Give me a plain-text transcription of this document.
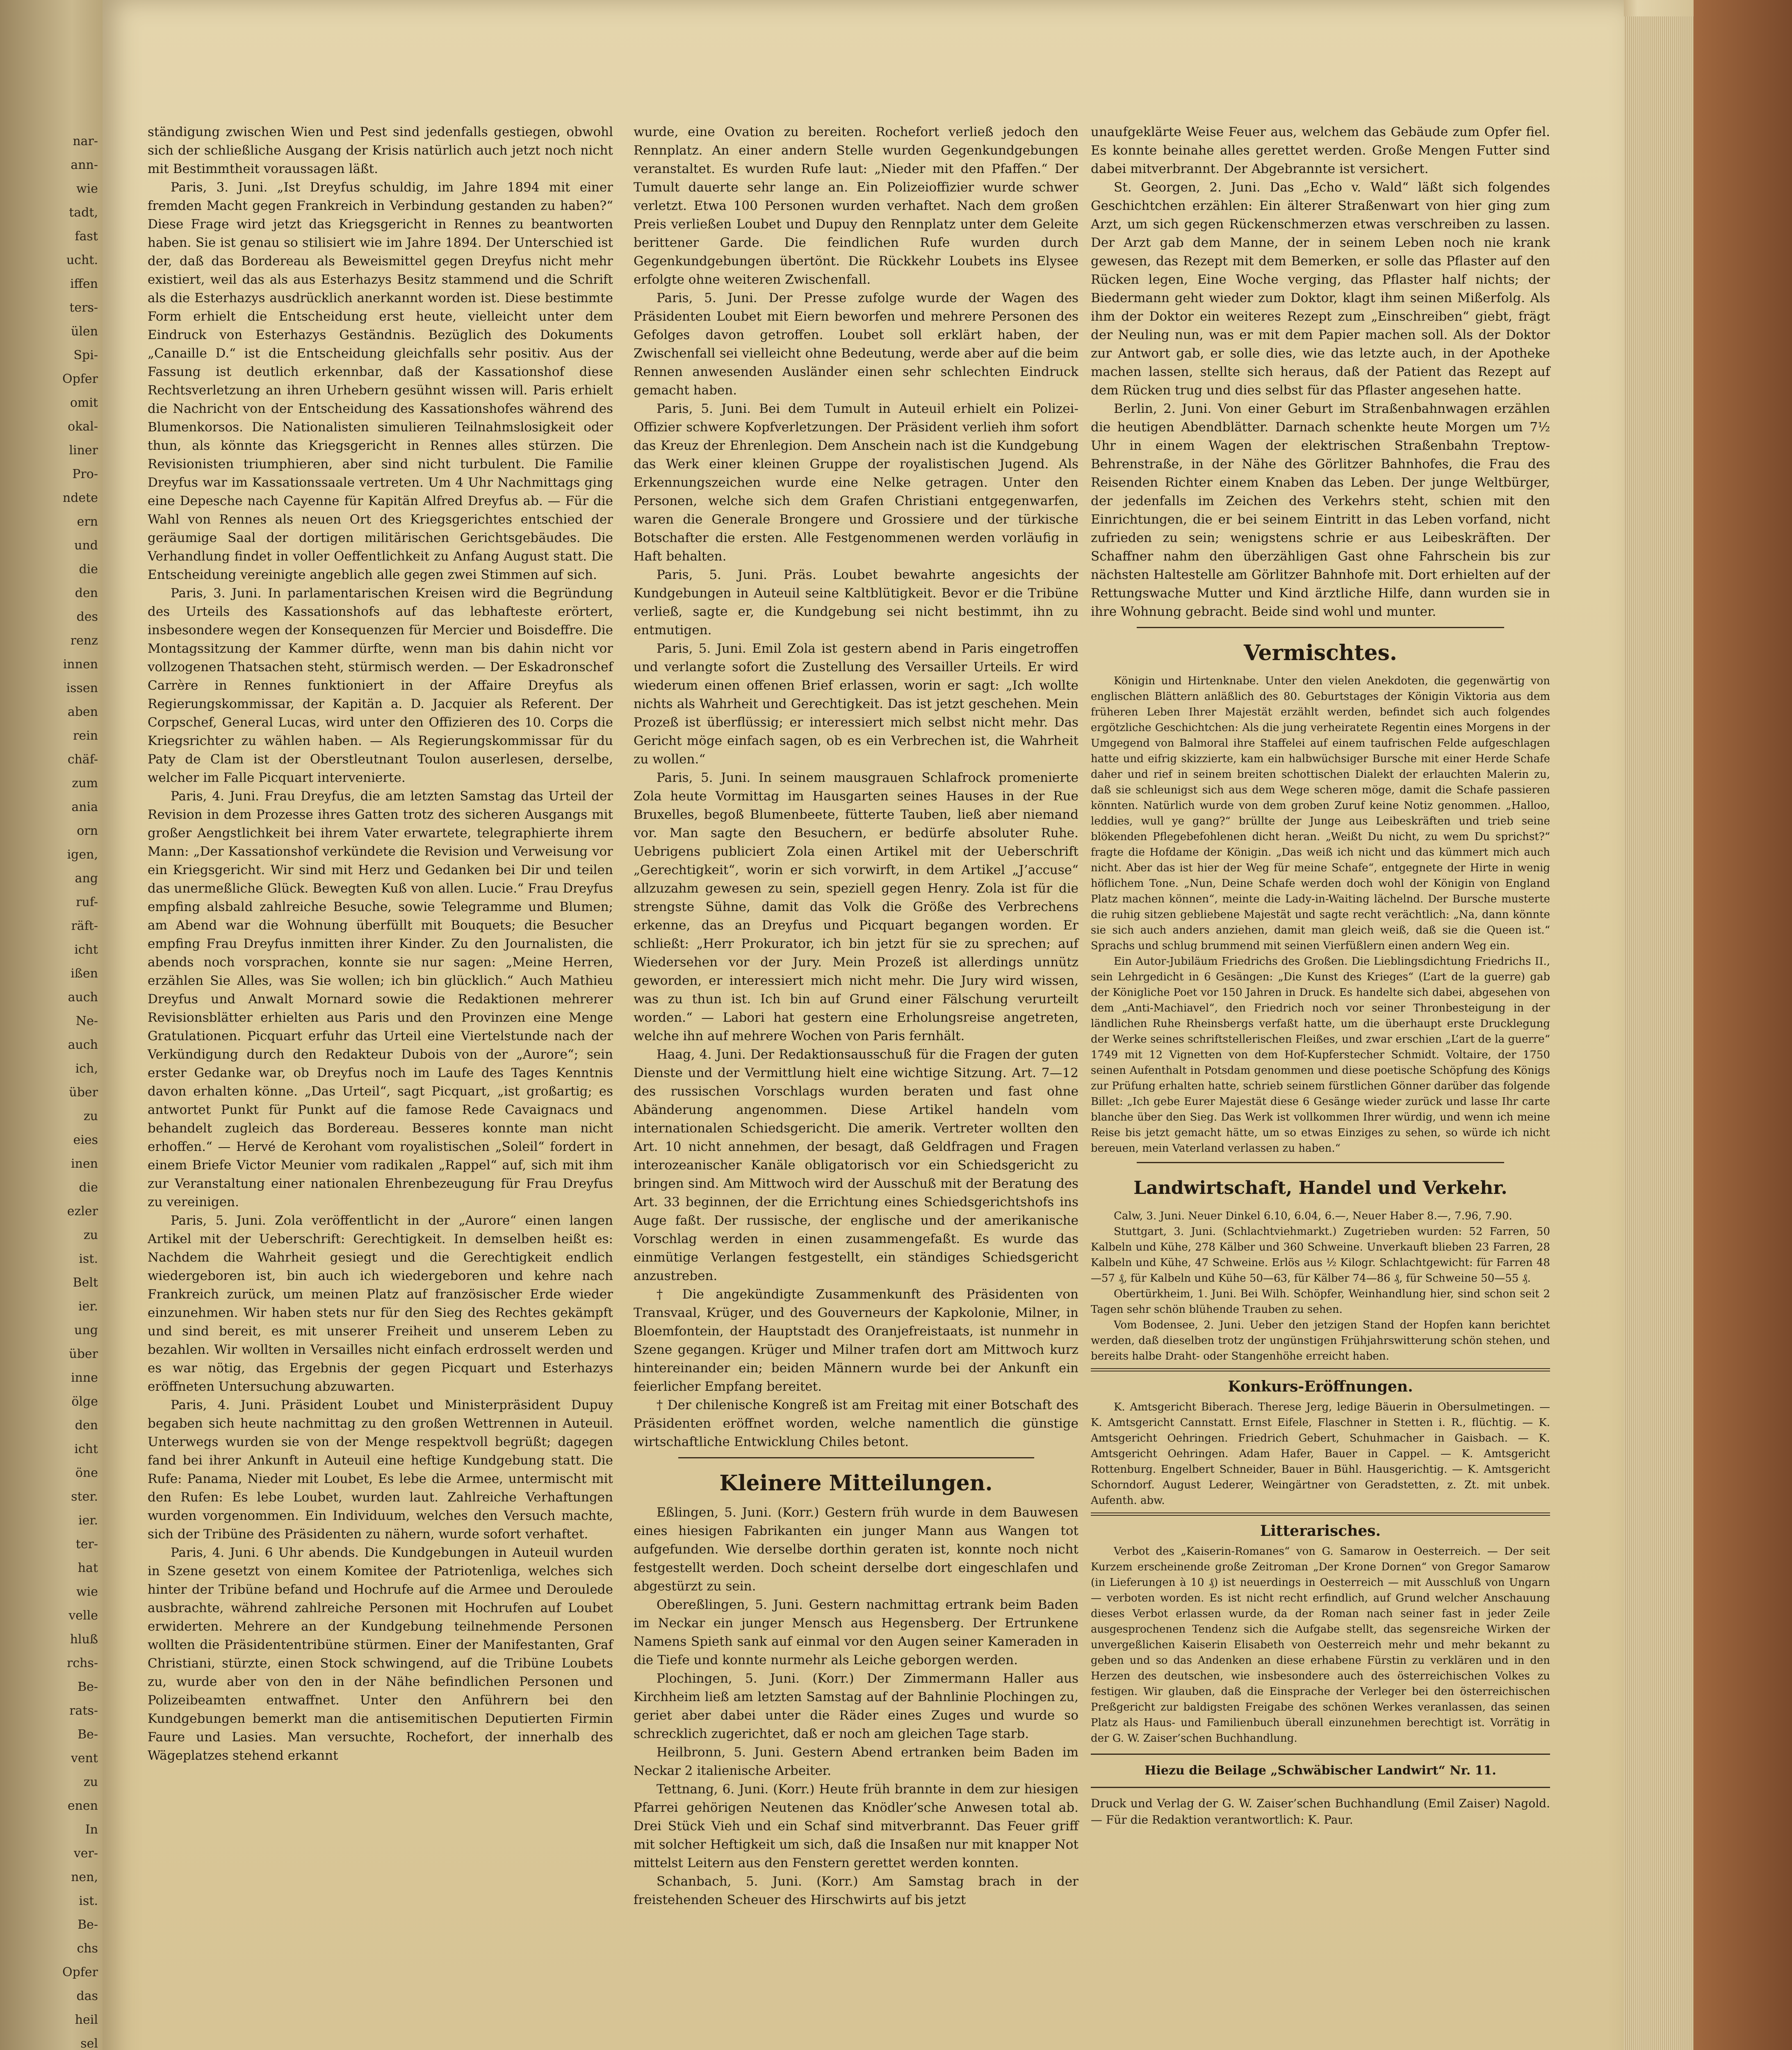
nar-
ann-
wie
tadt,
fast
ucht.
iffen
ters-
ülen
Spi-
Opfer
omit
okal-
liner
Pro-
ndete
ern
und
die
den
des
renz
innen
issen
aben
rein
chäf-
zum
ania
orn
igen,
ang
ruf-
räft-
icht
ißen
auch
Ne-
auch
ich,
über
zu
eies
inen
die
ezler
zu
ist.
Belt
ier.
ung
über
inne
ölge
den
icht
öne
ster.
ier.
ter-
hat
wie
velle
hluß
rchs-
Be-
rats-
Be-
vent
zu
enen
In
ver-
nen,
ist.
Be-
chs
Opfer
das
heil
sel

ständigung zwischen Wien und Pest sind jedenfalls gestiegen, obwohl sich der schließliche Ausgang der Krisis natürlich auch jetzt noch nicht mit Bestimmtheit voraussagen läßt.

Paris, 3. Juni. „Ist Dreyfus schuldig, im Jahre 1894 mit einer fremden Macht gegen Frankreich in Verbindung gestanden zu haben?“ Diese Frage wird jetzt das Kriegsgericht in Rennes zu beantworten haben. Sie ist genau so stilisiert wie im Jahre 1894. Der Unterschied ist der, daß das Bordereau als Beweismittel gegen Dreyfus nicht mehr existiert, weil das als aus Esterhazys Besitz stammend und die Schrift als die Esterhazys ausdrücklich anerkannt worden ist. Diese bestimmte Form erhielt die Entscheidung erst heute, vielleicht unter dem Eindruck von Esterhazys Geständnis. Bezüglich des Dokuments „Canaille D.“ ist die Entscheidung gleichfalls sehr positiv. Aus der Fassung ist deutlich erkennbar, daß der Kassationshof diese Rechtsverletzung an ihren Urhebern gesühnt wissen will. Paris erhielt die Nachricht von der Entscheidung des Kassationshofes während des Blumenkorsos. Die Nationalisten simulieren Teilnahmslosigkeit oder thun, als könnte das Kriegsgericht in Rennes alles stürzen. Die Revisionisten triumphieren, aber sind nicht turbulent. Die Familie Dreyfus war im Kassationssaale vertreten. Um 4 Uhr Nachmittags ging eine Depesche nach Cayenne für Kapitän Alfred Dreyfus ab. — Für die Wahl von Rennes als neuen Ort des Kriegsgerichtes entschied der geräumige Saal der dortigen militärischen Gerichtsgebäudes. Die Verhandlung findet in voller Oeffentlichkeit zu Anfang August statt. Die Entscheidung vereinigte angeblich alle gegen zwei Stimmen auf sich.

Paris, 3. Juni. In parlamentarischen Kreisen wird die Begründung des Urteils des Kassationshofs auf das lebhafteste erörtert, insbesondere wegen der Konsequenzen für Mercier und Boisdeffre. Die Montagssitzung der Kammer dürfte, wenn man bis dahin nicht vor vollzogenen Thatsachen steht, stürmisch werden. — Der Eskadronschef Carrère in Rennes funktioniert in der Affaire Dreyfus als Regierungskommissar, der Kapitän a. D. Jacquier als Referent. Der Corpschef, General Lucas, wird unter den Offizieren des 10. Corps die Kriegsrichter zu wählen haben. — Als Regierungskommissar für du Paty de Clam ist der Oberstleutnant Toulon auserlesen, derselbe, welcher im Falle Picquart intervenierte.

Paris, 4. Juni. Frau Dreyfus, die am letzten Samstag das Urteil der Revision in dem Prozesse ihres Gatten trotz des sicheren Ausgangs mit großer Aengstlichkeit bei ihrem Vater erwartete, telegraphierte ihrem Mann: „Der Kassationshof verkündete die Revision und Verweisung vor ein Kriegsgericht. Wir sind mit Herz und Gedanken bei Dir und teilen das unermeßliche Glück. Bewegten Kuß von allen. Lucie.“ Frau Dreyfus empfing alsbald zahlreiche Besuche, sowie Telegramme und Blumen; am Abend war die Wohnung überfüllt mit Bouquets; die Besucher empfing Frau Dreyfus inmitten ihrer Kinder. Zu den Journalisten, die abends noch vorsprachen, konnte sie nur sagen: „Meine Herren, erzählen Sie Alles, was Sie wollen; ich bin glücklich.“ Auch Mathieu Dreyfus und Anwalt Mornard sowie die Redaktionen mehrerer Revisionsblätter erhielten aus Paris und den Provinzen eine Menge Gratulationen. Picquart erfuhr das Urteil eine Viertelstunde nach der Verkündigung durch den Redakteur Dubois von der „Aurore“; sein erster Gedanke war, ob Dreyfus noch im Laufe des Tages Kenntnis davon erhalten könne. „Das Urteil“, sagt Picquart, „ist großartig; es antwortet Punkt für Punkt auf die famose Rede Cavaignacs und behandelt zugleich das Bordereau. Besseres konnte man nicht erhoffen.“ — Hervé de Kerohant vom royalistischen „Soleil“ fordert in einem Briefe Victor Meunier vom radikalen „Rappel“ auf, sich mit ihm zur Veranstaltung einer nationalen Ehrenbezeugung für Frau Dreyfus zu vereinigen.

Paris, 5. Juni. Zola veröffentlicht in der „Aurore“ einen langen Artikel mit der Ueberschrift: Gerechtigkeit. In demselben heißt es: Nachdem die Wahrheit gesiegt und die Gerechtigkeit endlich wiedergeboren ist, bin auch ich wiedergeboren und kehre nach Frankreich zurück, um meinen Platz auf französischer Erde wieder einzunehmen. Wir haben stets nur für den Sieg des Rechtes gekämpft und sind bereit, es mit unserer Freiheit und unserem Leben zu bezahlen. Wir wollten in Versailles nicht einfach erdrosselt werden und es war nötig, das Ergebnis der gegen Picquart und Esterhazys eröffneten Untersuchung abzuwarten.

Paris, 4. Juni. Präsident Loubet und Ministerpräsident Dupuy begaben sich heute nachmittag zu den großen Wettrennen in Auteuil. Unterwegs wurden sie von der Menge respektvoll begrüßt; dagegen fand bei ihrer Ankunft in Auteuil eine heftige Kundgebung statt. Die Rufe: Panama, Nieder mit Loubet, Es lebe die Armee, untermischt mit den Rufen: Es lebe Loubet, wurden laut. Zahlreiche Verhaftungen wurden vorgenommen. Ein Individuum, welches den Versuch machte, sich der Tribüne des Präsidenten zu nähern, wurde sofort verhaftet.

Paris, 4. Juni. 6 Uhr abends. Die Kundgebungen in Auteuil wurden in Szene gesetzt von einem Komitee der Patriotenliga, welches sich hinter der Tribüne befand und Hochrufe auf die Armee und Deroulede ausbrachte, während zahlreiche Personen mit Hochrufen auf Loubet erwiderten. Mehrere an der Kundgebung teilnehmende Personen wollten die Präsidententribüne stürmen. Einer der Manifestanten, Graf Christiani, stürzte, einen Stock schwingend, auf die Tribüne Loubets zu, wurde aber von den in der Nähe befindlichen Personen und Polizeibeamten entwaffnet. Unter den Anführern bei den Kundgebungen bemerkt man die antisemitischen Deputierten Firmin Faure und Lasies. Man versuchte, Rochefort, der innerhalb des Wägeplatzes stehend erkannt

wurde, eine Ovation zu bereiten. Rochefort verließ jedoch den Rennplatz. An einer andern Stelle wurden Gegenkundgebungen veranstaltet. Es wurden Rufe laut: „Nieder mit den Pfaffen.“ Der Tumult dauerte sehr lange an. Ein Polizeioffizier wurde schwer verletzt. Etwa 100 Personen wurden verhaftet. Nach dem großen Preis verließen Loubet und Dupuy den Rennplatz unter dem Geleite berittener Garde. Die feindlichen Rufe wurden durch Gegenkundgebungen übertönt. Die Rückkehr Loubets ins Elysee erfolgte ohne weiteren Zwischenfall.

Paris, 5. Juni. Der Presse zufolge wurde der Wagen des Präsidenten Loubet mit Eiern beworfen und mehrere Personen des Gefolges davon getroffen. Loubet soll erklärt haben, der Zwischenfall sei vielleicht ohne Bedeutung, werde aber auf die beim Rennen anwesenden Ausländer einen sehr schlechten Eindruck gemacht haben.

Paris, 5. Juni. Bei dem Tumult in Auteuil erhielt ein Polizei-Offizier schwere Kopfverletzungen. Der Präsident verlieh ihm sofort das Kreuz der Ehrenlegion. Dem Anschein nach ist die Kundgebung das Werk einer kleinen Gruppe der royalistischen Jugend. Als Erkennungszeichen wurde eine Nelke getragen. Unter den Personen, welche sich dem Grafen Christiani entgegenwarfen, waren die Generale Brongere und Grossiere und der türkische Botschafter die ersten. Alle Festgenommenen werden vorläufig in Haft behalten.

Paris, 5. Juni. Präs. Loubet bewahrte angesichts der Kundgebungen in Auteuil seine Kaltblütigkeit. Bevor er die Tribüne verließ, sagte er, die Kundgebung sei nicht bestimmt, ihn zu entmutigen.

Paris, 5. Juni. Emil Zola ist gestern abend in Paris eingetroffen und verlangte sofort die Zustellung des Versailler Urteils. Er wird wiederum einen offenen Brief erlassen, worin er sagt: „Ich wollte nichts als Wahrheit und Gerechtigkeit. Das ist jetzt geschehen. Mein Prozeß ist überflüssig; er interessiert mich selbst nicht mehr. Das Gericht möge einfach sagen, ob es ein Verbrechen ist, die Wahrheit zu wollen.“

Paris, 5. Juni. In seinem mausgrauen Schlafrock promenierte Zola heute Vormittag im Hausgarten seines Hauses in der Rue Bruxelles, begoß Blumenbeete, fütterte Tauben, ließ aber niemand vor. Man sagte den Besuchern, er bedürfe absoluter Ruhe. Uebrigens publiciert Zola einen Artikel mit der Ueberschrift „Gerechtigkeit“, worin er sich vorwirft, in dem Artikel „J’accuse“ allzuzahm gewesen zu sein, speziell gegen Henry. Zola ist für die strengste Sühne, damit das Volk die Größe des Verbrechens erkenne, das an Dreyfus und Picquart begangen worden. Er schließt: „Herr Prokurator, ich bin jetzt für sie zu sprechen; auf Wiedersehen vor der Jury. Mein Prozeß ist allerdings unnütz geworden, er interessiert mich nicht mehr. Die Jury wird wissen, was zu thun ist. Ich bin auf Grund einer Fälschung verurteilt worden.“ — Labori hat gestern eine Erholungsreise angetreten, welche ihn auf mehrere Wochen von Paris fernhält.

Haag, 4. Juni. Der Redaktionsausschuß für die Fragen der guten Dienste und der Vermittlung hielt eine wichtige Sitzung. Art. 7—12 des russischen Vorschlags wurden beraten und fast ohne Abänderung angenommen. Diese Artikel handeln vom internationalen Schiedsgericht. Die amerik. Vertreter wollten den Art. 10 nicht annehmen, der besagt, daß Geldfragen und Fragen interozeanischer Kanäle obligatorisch vor ein Schiedsgericht zu bringen sind. Am Mittwoch wird der Ausschuß mit der Beratung des Art. 33 beginnen, der die Errichtung eines Schiedsgerichtshofs ins Auge faßt. Der russische, der englische und der amerikanische Vorschlag werden in einen zusammengefaßt. Es wurde das einmütige Verlangen festgestellt, ein ständiges Schiedsgericht anzustreben.

† Die angekündigte Zusammenkunft des Präsidenten von Transvaal, Krüger, und des Gouverneurs der Kapkolonie, Milner, in Bloemfontein, der Hauptstadt des Oranjefreistaats, ist nunmehr in Szene gegangen. Krüger und Milner trafen dort am Mittwoch kurz hintereinander ein; beiden Männern wurde bei der Ankunft ein feierlicher Empfang bereitet.

† Der chilenische Kongreß ist am Freitag mit einer Botschaft des Präsidenten eröffnet worden, welche namentlich die günstige wirtschaftliche Entwicklung Chiles betont.

Kleinere Mitteilungen.

Eßlingen, 5. Juni. (Korr.) Gestern früh wurde in dem Bauwesen eines hiesigen Fabrikanten ein junger Mann aus Wangen tot aufgefunden. Wie derselbe dorthin geraten ist, konnte noch nicht festgestellt werden. Doch scheint derselbe dort eingeschlafen und abgestürzt zu sein.

Obereßlingen, 5. Juni. Gestern nachmittag ertrank beim Baden im Neckar ein junger Mensch aus Hegensberg. Der Ertrunkene Namens Spieth sank auf einmal vor den Augen seiner Kameraden in die Tiefe und konnte nurmehr als Leiche geborgen werden.

Plochingen, 5. Juni. (Korr.) Der Zimmermann Haller aus Kirchheim ließ am letzten Samstag auf der Bahnlinie Plochingen zu, geriet aber dabei unter die Räder eines Zuges und wurde so schrecklich zugerichtet, daß er noch am gleichen Tage starb.

Heilbronn, 5. Juni. Gestern Abend ertranken beim Baden im Neckar 2 italienische Arbeiter.

Tettnang, 6. Juni. (Korr.) Heute früh brannte in dem zur hiesigen Pfarrei gehörigen Neutenen das Knödler’sche Anwesen total ab. Drei Stück Vieh und ein Schaf sind mitverbrannt. Das Feuer griff mit solcher Heftigkeit um sich, daß die Insaßen nur mit knapper Not mittelst Leitern aus den Fenstern gerettet werden konnten.

Schanbach, 5. Juni. (Korr.) Am Samstag brach in der freistehenden Scheuer des Hirschwirts auf bis jetzt

unaufgeklärte Weise Feuer aus, welchem das Gebäude zum Opfer fiel. Es konnte beinahe alles gerettet werden. Große Mengen Futter sind dabei mitverbrannt. Der Abgebrannte ist versichert.

St. Georgen, 2. Juni. Das „Echo v. Wald“ läßt sich folgendes Geschichtchen erzählen: Ein älterer Straßenwart von hier ging zum Arzt, um sich gegen Rückenschmerzen etwas verschreiben zu lassen. Der Arzt gab dem Manne, der in seinem Leben noch nie krank gewesen, das Rezept mit dem Bemerken, er solle das Pflaster auf den Rücken legen, Eine Woche verging, das Pflaster half nichts; der Biedermann geht wieder zum Doktor, klagt ihm seinen Mißerfolg. Als ihm der Doktor ein weiteres Rezept zum „Einschreiben“ giebt, frägt der Neuling nun, was er mit dem Papier machen soll. Als der Doktor zur Antwort gab, er solle dies, wie das letzte auch, in der Apotheke machen lassen, stellte sich heraus, daß der Patient das Rezept auf dem Rücken trug und dies selbst für das Pflaster angesehen hatte.

Berlin, 2. Juni. Von einer Geburt im Straßenbahnwagen erzählen die heutigen Abendblätter. Darnach schenkte heute Morgen um 7½ Uhr in einem Wagen der elektrischen Straßenbahn Treptow-Behrenstraße, in der Nähe des Görlitzer Bahnhofes, die Frau des Reisenden Richter einem Knaben das Leben. Der junge Weltbürger, der jedenfalls im Zeichen des Verkehrs steht, schien mit den Einrichtungen, die er bei seinem Eintritt in das Leben vorfand, nicht zufrieden zu sein; wenigstens schrie er aus Leibeskräften. Der Schaffner nahm den überzähligen Gast ohne Fahrschein bis zur nächsten Haltestelle am Görlitzer Bahnhofe mit. Dort erhielten auf der Rettungswache Mutter und Kind ärztliche Hilfe, dann wurden sie in ihre Wohnung gebracht. Beide sind wohl und munter.

Vermischtes.

Königin und Hirtenknabe. Unter den vielen Anekdoten, die gegenwärtig von englischen Blättern anläßlich des 80. Geburtstages der Königin Viktoria aus dem früheren Leben Ihrer Majestät erzählt werden, befindet sich auch folgendes ergötzliche Geschichtchen: Als die jung verheiratete Regentin eines Morgens in der Umgegend von Balmoral ihre Staffelei auf einem taufrischen Felde aufgeschlagen hatte und eifrig skizzierte, kam ein halbwüchsiger Bursche mit einer Herde Schafe daher und rief in seinem breiten schottischen Dialekt der erlauchten Malerin zu, daß sie schleunigst sich aus dem Wege scheren möge, damit die Schafe passieren könnten. Natürlich wurde von dem groben Zuruf keine Notiz genommen. „Halloo, leddies, wull ye gang?“ brüllte der Junge aus Leibeskräften und trieb seine blökenden Pflegebefohlenen dicht heran. „Weißt Du nicht, zu wem Du sprichst?“ fragte die Hofdame der Königin. „Das weiß ich nicht und das kümmert mich auch nicht. Aber das ist hier der Weg für meine Schafe“, entgegnete der Hirte in wenig höflichem Tone. „Nun, Deine Schafe werden doch wohl der Königin von England Platz machen können“, meinte die Lady-in-Waiting lächelnd. Der Bursche musterte die ruhig sitzen gebliebene Majestät und sagte recht verächtlich: „Na, dann könnte sie sich auch anders anziehen, damit man gleich weiß, daß sie die Queen ist.“ Sprachs und schlug brummend mit seinen Vierfüßlern einen andern Weg ein.

Ein Autor-Jubiläum Friedrichs des Großen. Die Lieblingsdichtung Friedrichs II., sein Lehrgedicht in 6 Gesängen: „Die Kunst des Krieges“ (L’art de la guerre) gab der Königliche Poet vor 150 Jahren in Druck. Es handelte sich dabei, abgesehen von dem „Anti-Machiavel“, den Friedrich noch vor seiner Thronbesteigung in der ländlichen Ruhe Rheinsbergs verfaßt hatte, um die überhaupt erste Drucklegung der Werke seines schriftstellerischen Fleißes, und zwar erschien „L’art de la guerre“ 1749 mit 12 Vignetten von dem Hof-Kupferstecher Schmidt. Voltaire, der 1750 seinen Aufenthalt in Potsdam genommen und diese poetische Schöpfung des Königs zur Prüfung erhalten hatte, schrieb seinem fürstlichen Gönner darüber das folgende Billet: „Ich gebe Eurer Majestät diese 6 Gesänge wieder zurück und lasse Ihr carte blanche über den Sieg. Das Werk ist vollkommen Ihrer würdig, und wenn ich meine Reise bis jetzt gemacht hätte, um so etwas Einziges zu sehen, so würde ich nicht bereuen, mein Vaterland verlassen zu haben.“

Landwirtschaft, Handel und Verkehr.

Calw, 3. Juni. Neuer Dinkel 6.10, 6.04, 6.—, Neuer Haber 8.—, 7.96, 7.90.

Stuttgart, 3. Juni. (Schlachtviehmarkt.) Zugetrieben wurden: 52 Farren, 50 Kalbeln und Kühe, 278 Kälber und 360 Schweine. Unverkauft blieben 23 Farren, 28 Kalbeln und Kühe, 47 Schweine. Erlös aus ½ Kilogr. Schlachtgewicht: für Farren 48—57 ₰, für Kalbeln und Kühe 50—63, für Kälber 74—86 ₰, für Schweine 50—55 ₰.

Obertürkheim, 1. Juni. Bei Wilh. Schöpfer, Weinhandlung hier, sind schon seit 2 Tagen sehr schön blühende Trauben zu sehen.

Vom Bodensee, 2. Juni. Ueber den jetzigen Stand der Hopfen kann berichtet werden, daß dieselben trotz der ungünstigen Frühjahrswitterung schön stehen, und bereits halbe Draht- oder Stangenhöhe erreicht haben.

Konkurs-Eröffnungen.

K. Amtsgericht Biberach. Therese Jerg, ledige Bäuerin in Obersulmetingen. — K. Amtsgericht Cannstatt. Ernst Eifele, Flaschner in Stetten i. R., flüchtig. — K. Amtsgericht Oehringen. Friedrich Gebert, Schuhmacher in Gaisbach. — K. Amtsgericht Oehringen. Adam Hafer, Bauer in Cappel. — K. Amtsgericht Rottenburg. Engelbert Schneider, Bauer in Bühl. Hausgerichtig. — K. Amtsgericht Schorndorf. August Lederer, Weingärtner von Geradstetten, z. Zt. mit unbek. Aufenth. abw.

Litterarisches.

Verbot des „Kaiserin-Romanes“ von G. Samarow in Oesterreich. — Der seit Kurzem erscheinende große Zeitroman „Der Krone Dornen“ von Gregor Samarow (in Lieferungen à 10 ₰) ist neuerdings in Oesterreich — mit Ausschluß von Ungarn — verboten worden. Es ist nicht recht erfindlich, auf Grund welcher Anschauung dieses Verbot erlassen wurde, da der Roman nach seiner fast in jeder Zeile ausgesprochenen Tendenz sich die Aufgabe stellt, das segensreiche Wirken der unvergeßlichen Kaiserin Elisabeth von Oesterreich mehr und mehr bekannt zu geben und so das Andenken an diese erhabene Fürstin zu verklären und in den Herzen des deutschen, wie insbesondere auch des österreichischen Volkes zu festigen. Wir glauben, daß die Einsprache der Verleger bei den österreichischen Preßgericht zur baldigsten Freigabe des schönen Werkes veranlassen, das seinen Platz als Haus- und Familienbuch überall einzunehmen berechtigt ist. Vorrätig in der G. W. Zaiser’schen Buchhandlung.

Hiezu die Beilage „Schwäbischer Landwirt“ Nr. 11.
Druck und Verlag der G. W. Zaiser’schen Buchhandlung (Emil Zaiser) Nagold. — Für die Redaktion verantwortlich: K. Paur.
